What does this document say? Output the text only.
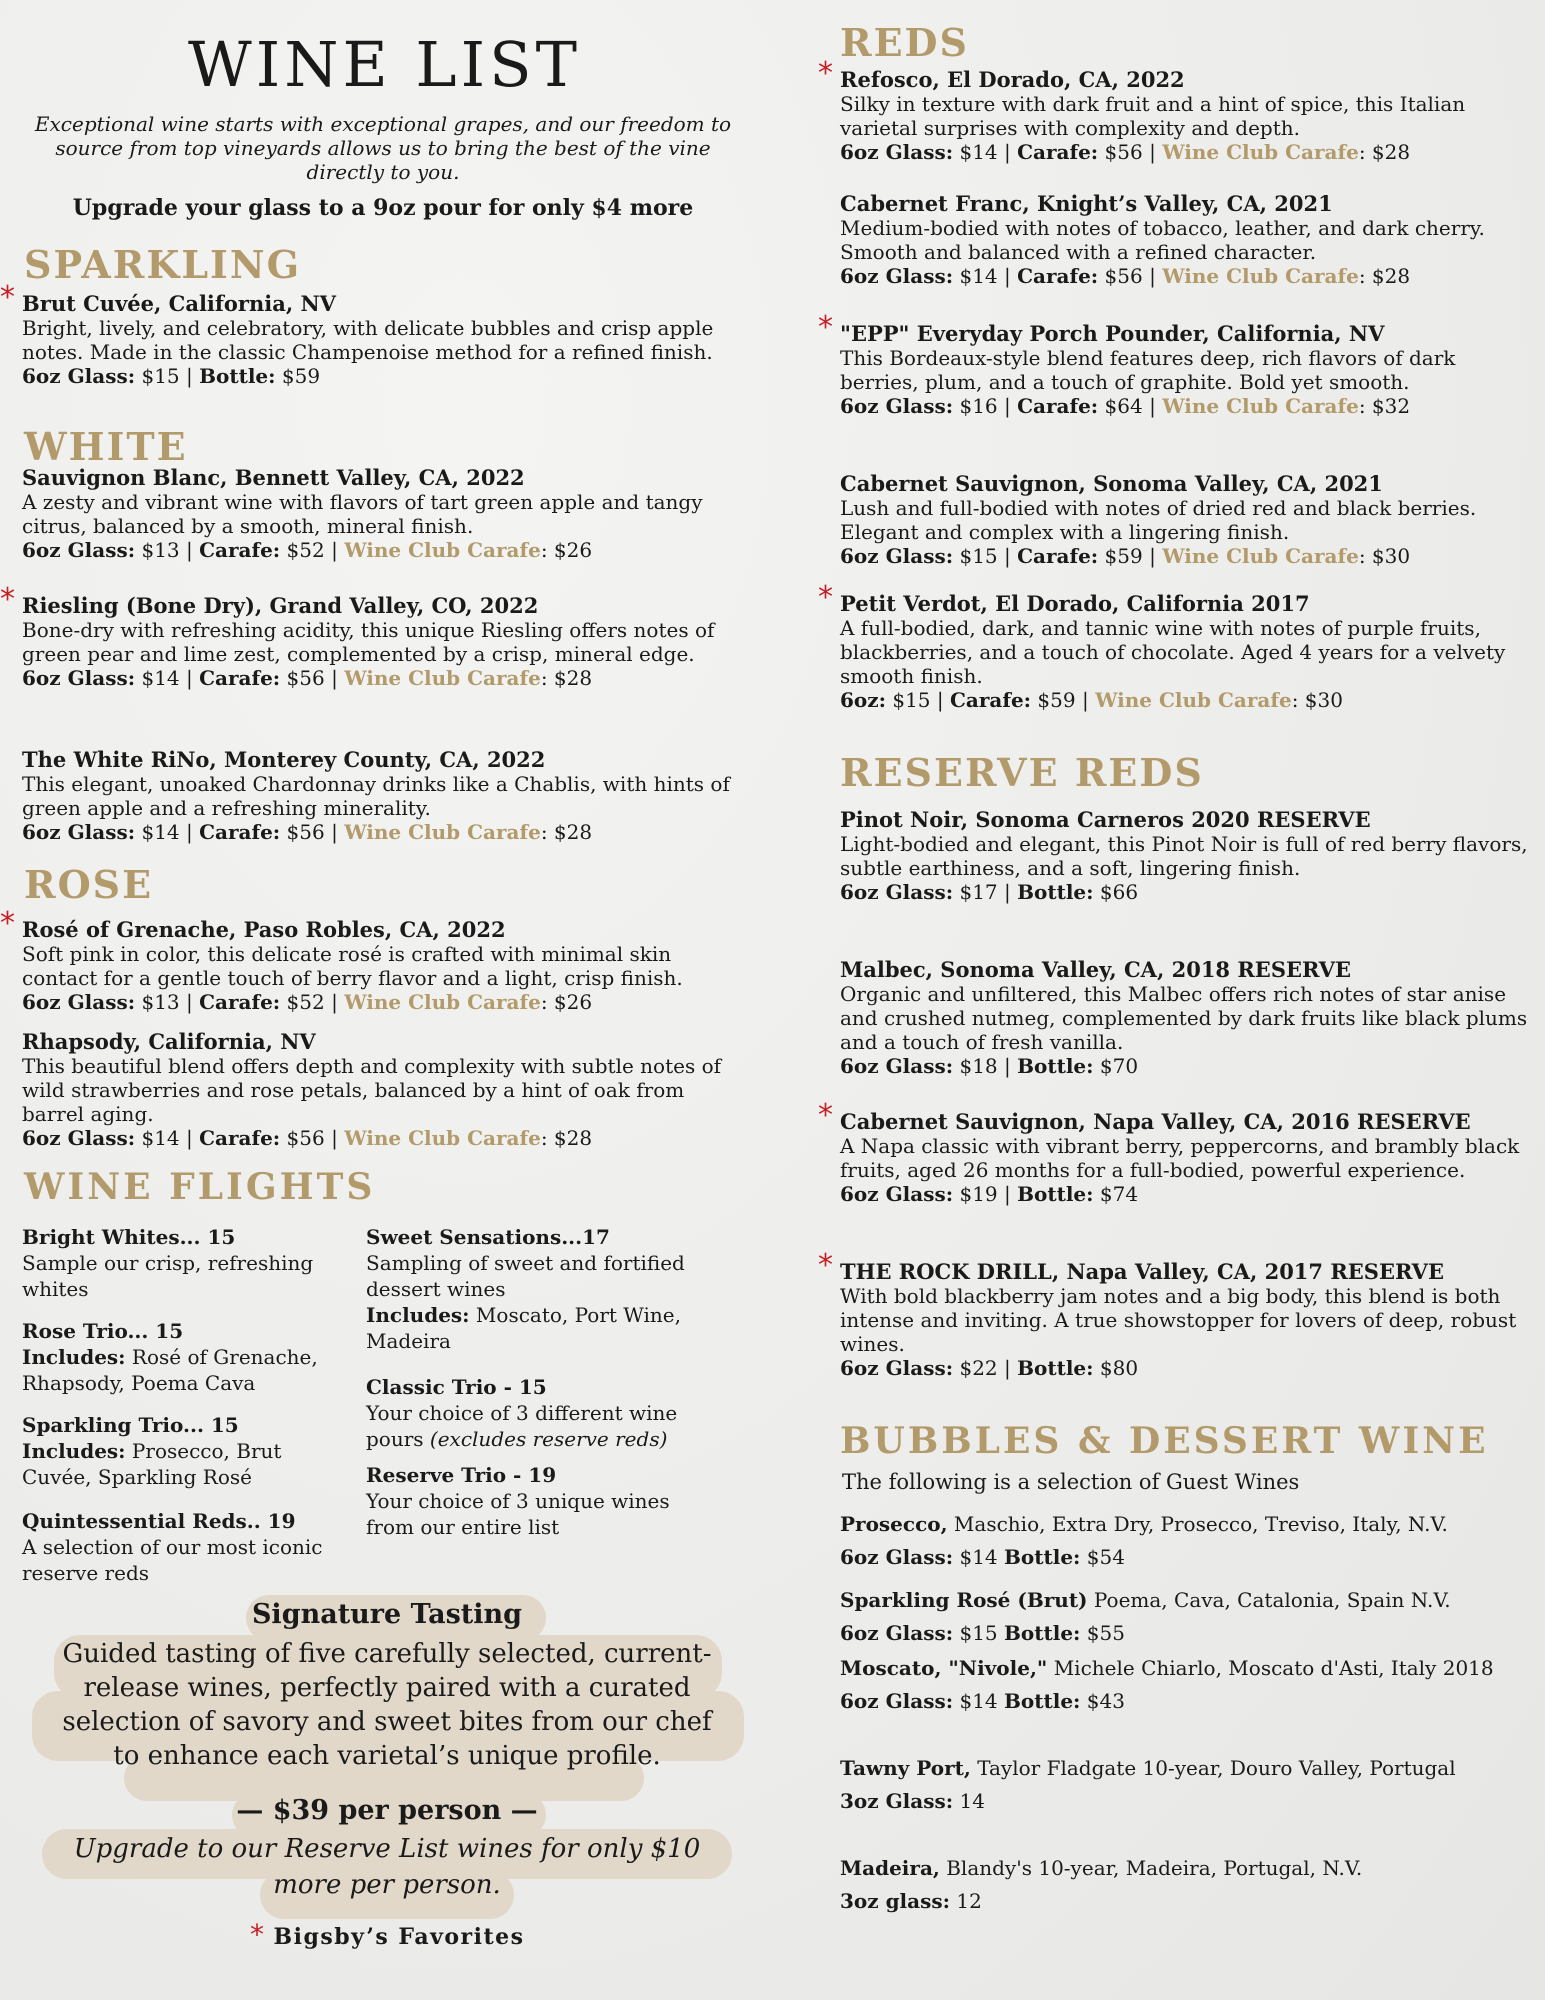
WINE LIST
Exceptional wine starts with exceptional grapes, and our freedom to source from top vineyards allows us to bring the best of the vine directly to you.
Upgrade your glass to a 9oz pour for only $4 more
SPARKLING
* Brut Cuvée, California, NV
Bright, lively, and celebratory, with delicate bubbles and crisp apple notes. Made in the classic Champenoise method for a refined finish.
6oz Glass: $15 | Bottle: $59
WHITE
Sauvignon Blanc, Bennett Valley, CA, 2022
A zesty and vibrant wine with flavors of tart green apple and tangy citrus, balanced by a smooth, mineral finish.
6oz Glass: $13 | Carafe: $52 | Wine Club Carafe: $26
* Riesling (Bone Dry), Grand Valley, CO, 2022
Bone-dry with refreshing acidity, this unique Riesling offers notes of green pear and lime zest, complemented by a crisp, mineral edge.
6oz Glass: $14 | Carafe: $56 | Wine Club Carafe: $28
The White RiNo, Monterey County, CA, 2022
This elegant, unoaked Chardonnay drinks like a Chablis, with hints of green apple and a refreshing minerality.
6oz Glass: $14 | Carafe: $56 | Wine Club Carafe: $28
ROSE
* Rosé of Grenache, Paso Robles, CA, 2022
Soft pink in color, this delicate rosé is crafted with minimal skin contact for a gentle touch of berry flavor and a light, crisp finish.
6oz Glass: $13 | Carafe: $52 | Wine Club Carafe: $26
Rhapsody, California, NV
This beautiful blend offers depth and complexity with subtle notes of wild strawberries and rose petals, balanced by a hint of oak from barrel aging.
6oz Glass: $14 | Carafe: $56 | Wine Club Carafe: $28
WINE FLIGHTS
Bright Whites... 15
Sample our crisp, refreshing whites
Rose Trio... 15
Includes: Rosé of Grenache, Rhapsody, Poema Cava
Sparkling Trio... 15
Includes: Prosecco, Brut Cuvée, Sparkling Rosé
Quintessential Reds.. 19
A selection of our most iconic reserve reds
Sweet Sensations...17
Sampling of sweet and fortified dessert wines
Includes: Moscato, Port Wine, Madeira
Classic Trio - 15
Your choice of 3 different wine pours (excludes reserve reds)
Reserve Trio - 19
Your choice of 3 unique wines from our entire list
Signature Tasting
Guided tasting of five carefully selected, current-release wines, perfectly paired with a curated selection of savory and sweet bites from our chef to enhance each varietal’s unique profile.
— $39 per person —
Upgrade to our Reserve List wines for only $10 more per person.
* Bigsby’s Favorites
REDS
* Refosco, El Dorado, CA, 2022
Silky in texture with dark fruit and a hint of spice, this Italian varietal surprises with complexity and depth.
6oz Glass: $14 | Carafe: $56 | Wine Club Carafe: $28
Cabernet Franc, Knight’s Valley, CA, 2021
Medium-bodied with notes of tobacco, leather, and dark cherry. Smooth and balanced with a refined character.
6oz Glass: $14 | Carafe: $56 | Wine Club Carafe: $28
* "EPP" Everyday Porch Pounder, California, NV
This Bordeaux-style blend features deep, rich flavors of dark berries, plum, and a touch of graphite. Bold yet smooth.
6oz Glass: $16 | Carafe: $64 | Wine Club Carafe: $32
Cabernet Sauvignon, Sonoma Valley, CA, 2021
Lush and full-bodied with notes of dried red and black berries. Elegant and complex with a lingering finish.
6oz Glass: $15 | Carafe: $59 | Wine Club Carafe: $30
* Petit Verdot, El Dorado, California 2017
A full-bodied, dark, and tannic wine with notes of purple fruits, blackberries, and a touch of chocolate. Aged 4 years for a velvety smooth finish.
6oz: $15 | Carafe: $59 | Wine Club Carafe: $30
RESERVE REDS
Pinot Noir, Sonoma Carneros 2020 RESERVE
Light-bodied and elegant, this Pinot Noir is full of red berry flavors, subtle earthiness, and a soft, lingering finish.
6oz Glass: $17 | Bottle: $66
Malbec, Sonoma Valley, CA, 2018 RESERVE
Organic and unfiltered, this Malbec offers rich notes of star anise and crushed nutmeg, complemented by dark fruits like black plums and a touch of fresh vanilla.
6oz Glass: $18 | Bottle: $70
* Cabernet Sauvignon, Napa Valley, CA, 2016 RESERVE
A Napa classic with vibrant berry, peppercorns, and brambly black fruits, aged 26 months for a full-bodied, powerful experience.
6oz Glass: $19 | Bottle: $74
* THE ROCK DRILL, Napa Valley, CA, 2017 RESERVE
With bold blackberry jam notes and a big body, this blend is both intense and inviting. A true showstopper for lovers of deep, robust wines.
6oz Glass: $22 | Bottle: $80
BUBBLES & DESSERT WINE
The following is a selection of Guest Wines
Prosecco, Maschio, Extra Dry, Prosecco, Treviso, Italy, N.V.
6oz Glass: $14 Bottle: $54
Sparkling Rosé (Brut) Poema, Cava, Catalonia, Spain N.V.
6oz Glass: $15 Bottle: $55
Moscato, "Nivole," Michele Chiarlo, Moscato d'Asti, Italy 2018
6oz Glass: $14 Bottle: $43
Tawny Port, Taylor Fladgate 10-year, Douro Valley, Portugal
3oz Glass: 14
Madeira, Blandy's 10-year, Madeira, Portugal, N.V.
3oz glass: 12
